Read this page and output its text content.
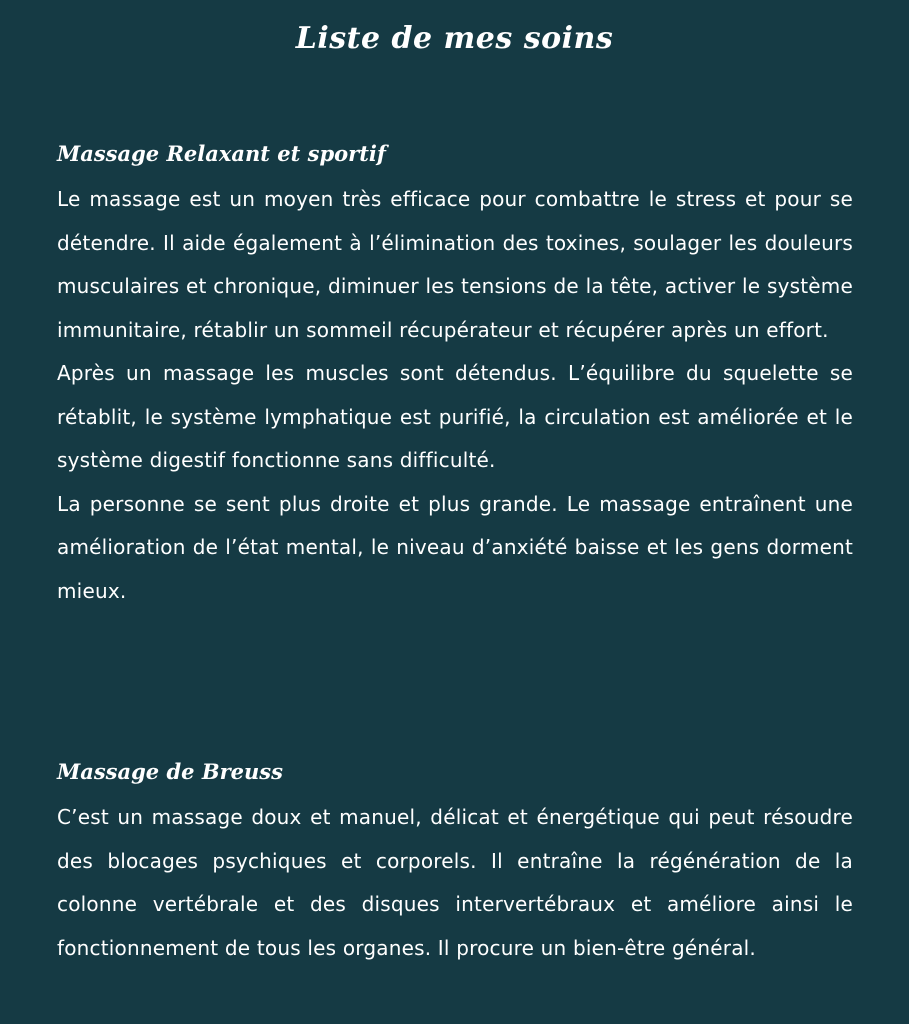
Liste de mes soins
Massage Relaxant et sportif

Le massage est un moyen très efficace pour combattre le stress et pour se détendre. Il aide également à l’élimination des toxines, soulager les douleurs musculaires et chronique, diminuer les tensions de la tête, activer le système immunitaire, rétablir un sommeil récupérateur et récupérer après un effort.

Après un massage les muscles sont détendus. L’équilibre du squelette se rétablit, le système lymphatique est purifié, la circulation est améliorée et le système digestif fonctionne sans difficulté.

La personne se sent plus droite et plus grande. Le massage entraînent une amélioration de l’état mental, le niveau d’anxiété baisse et les gens dorment mieux.

Massage de Breuss

C’est un massage doux et manuel, délicat et énergétique qui peut résoudre des blocages psychiques et corporels. Il entraîne la régénération de la colonne vertébrale et des disques intervertébraux et améliore ainsi le fonctionnement de tous les organes. Il procure un bien-être général.
